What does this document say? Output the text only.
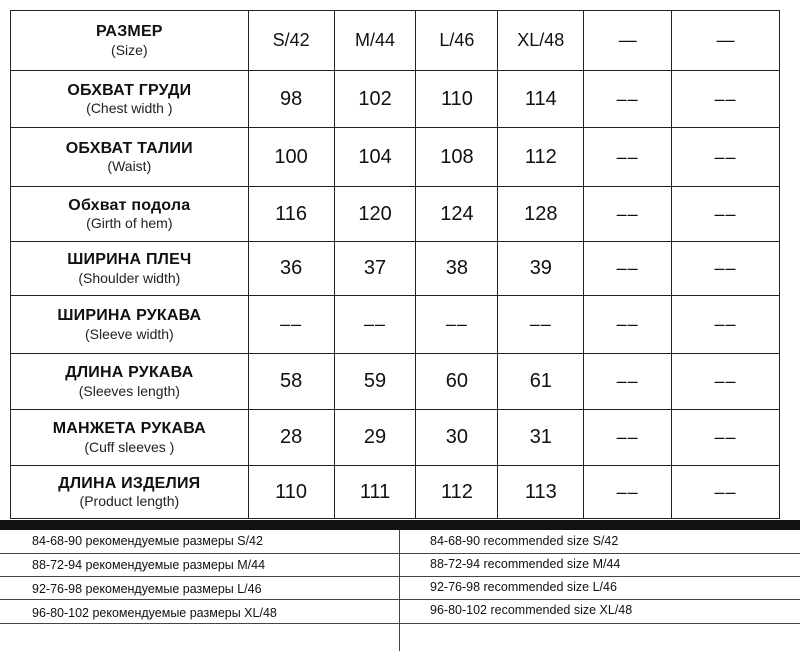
РАЗМЕР
(Size)	S/42	M/44	L/46	XL/48	—	—

ОБХВАТ ГРУДИ
(Chest width )	98	102	110	114	––	––

ОБХВАТ ТАЛИИ
(Waist)	100	104	108	112	––	––

Обхват подола
(Girth of hem)	116	120	124	128	––	––

ШИРИНА ПЛЕЧ
(Shoulder width)	36	37	38	39	––	––

ШИРИНА РУКАВА
(Sleeve width)	––	––	––	––	––	––

ДЛИНА РУКАВА
(Sleeves length)	58	59	60	61	––	––

МАНЖЕТА РУКАВА
(Cuff sleeves )	28	29	30	31	––	––

ДЛИНА ИЗДЕЛИЯ
(Product length)	110	111	112	113	––	––
84-68-90 рекомендуемые размеры S/42
88-72-94 рекомендуемые размеры M/44
92-76-98 рекомендуемые размеры L/46
96-80-102 рекомендуемые размеры XL/48
84-68-90 recommended size S/42
88-72-94 recommended size M/44
92-76-98 recommended size L/46
96-80-102 recommended size XL/48
